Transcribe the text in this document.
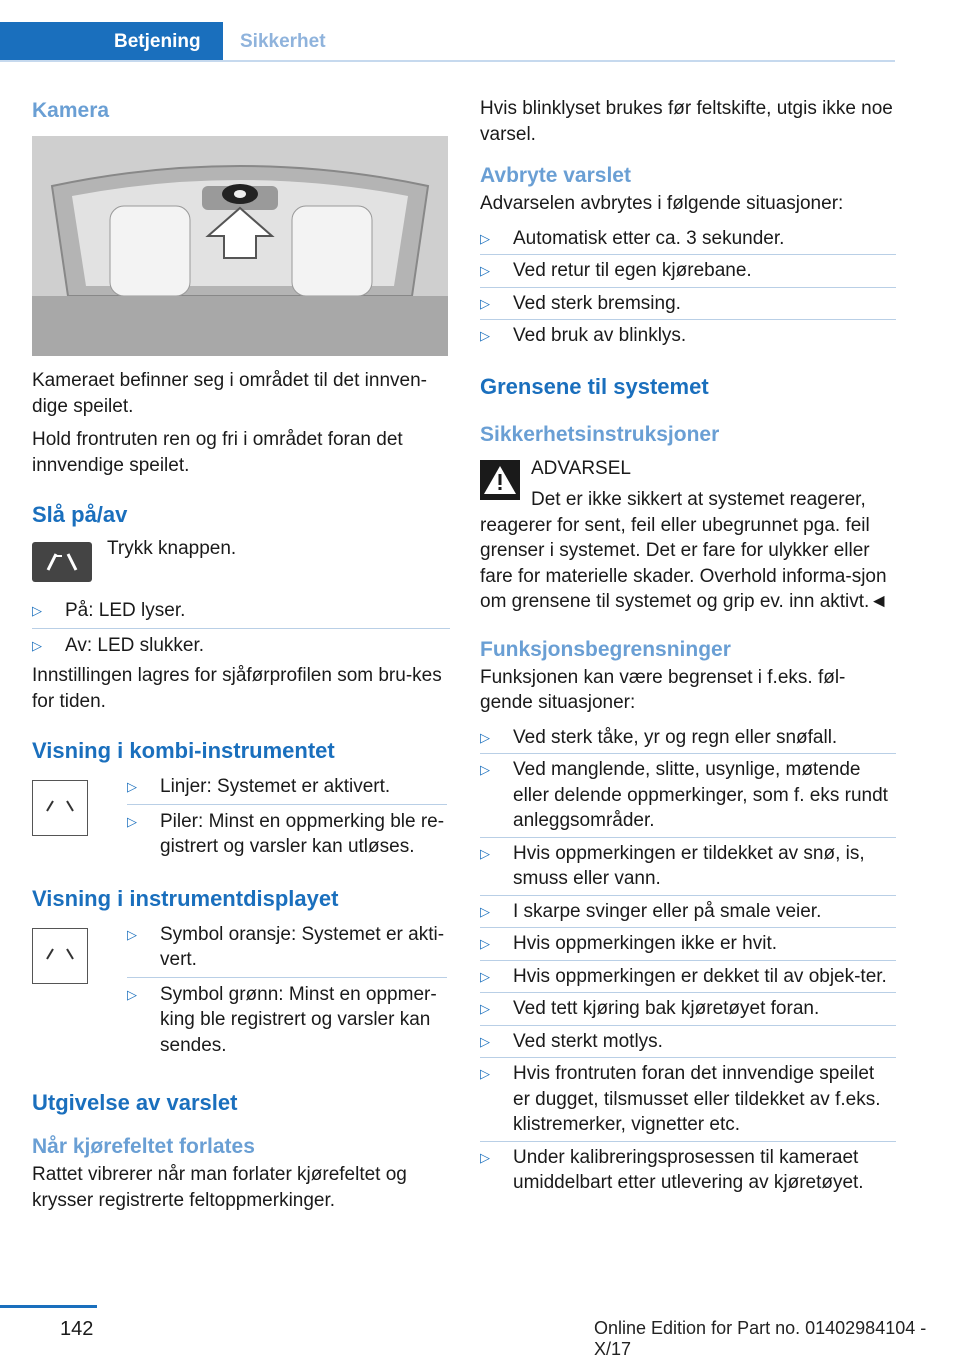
Betjening	Sikkerhet
Kamera

Kameraet befinner seg i området til det innven-dige speilet.

Hold frontruten ren og fri i området foran det innvendige speilet.

Slå på/av

Trykk knappen.

▷ På: LED lyser.
▷ Av: LED slukker.

Innstillingen lagres for sjåførprofilen som bru-kes for tiden.

Visning i kombi-instrumentet
▷ Linjer: Systemet er aktivert.
▷ Piler: Minst en oppmerking ble re-gistrert og varsler kan utløses.
Visning i instrumentdisplayet
▷ Symbol oransje: Systemet er akti-vert.
▷ Symbol grønn: Minst en oppmer-king ble registrert og varsler kan sendes.
Utgivelse av varslet
Når kjørefeltet forlates

Rattet vibrerer når man forlater kjørefeltet og krysser registrerte feltoppmerkinger.

Hvis blinklyset brukes før feltskifte, utgis ikke noe varsel.

Avbryte varslet

Advarselen avbrytes i følgende situasjoner:

▷ Automatisk etter ca. 3 sekunder.
▷ Ved retur til egen kjørebane.
▷ Ved sterk bremsing.
▷ Ved bruk av blinklys.
Grensene til systemet
Sikkerhetsinstruksjoner

ADVARSEL

Det er ikke sikkert at systemet reagerer,

reagerer for sent, feil eller ubegrunnet pga. feil grenser i systemet. Det er fare for ulykker eller fare for materielle skader. Overhold informa-sjon om grensene til systemet og grip ev. inn aktivt.◄

Funksjonsbegrensninger

Funksjonen kan være begrenset i f.eks. føl-gende situasjoner:

▷ Ved sterk tåke, yr og regn eller snøfall.
▷ Ved manglende, slitte, usynlige, møtende eller delende oppmerkinger, som f. eks rundt anleggsområder.
▷ Hvis oppmerkingen er tildekket av snø, is, smuss eller vann.
▷ I skarpe svinger eller på smale veier.
▷ Hvis oppmerkingen ikke er hvit.
▷ Hvis oppmerkingen er dekket til av objek-ter.
▷ Ved tett kjøring bak kjøretøyet foran.
▷ Ved sterkt motlys.
▷ Hvis frontruten foran det innvendige speilet er dugget, tilsmusset eller tildekket av f.eks. klistremerker, vignetter etc.
▷ Under kalibreringsprosessen til kameraet umiddelbart etter utlevering av kjøretøyet.
142	Online Edition for Part no. 01402984104 - X/17
